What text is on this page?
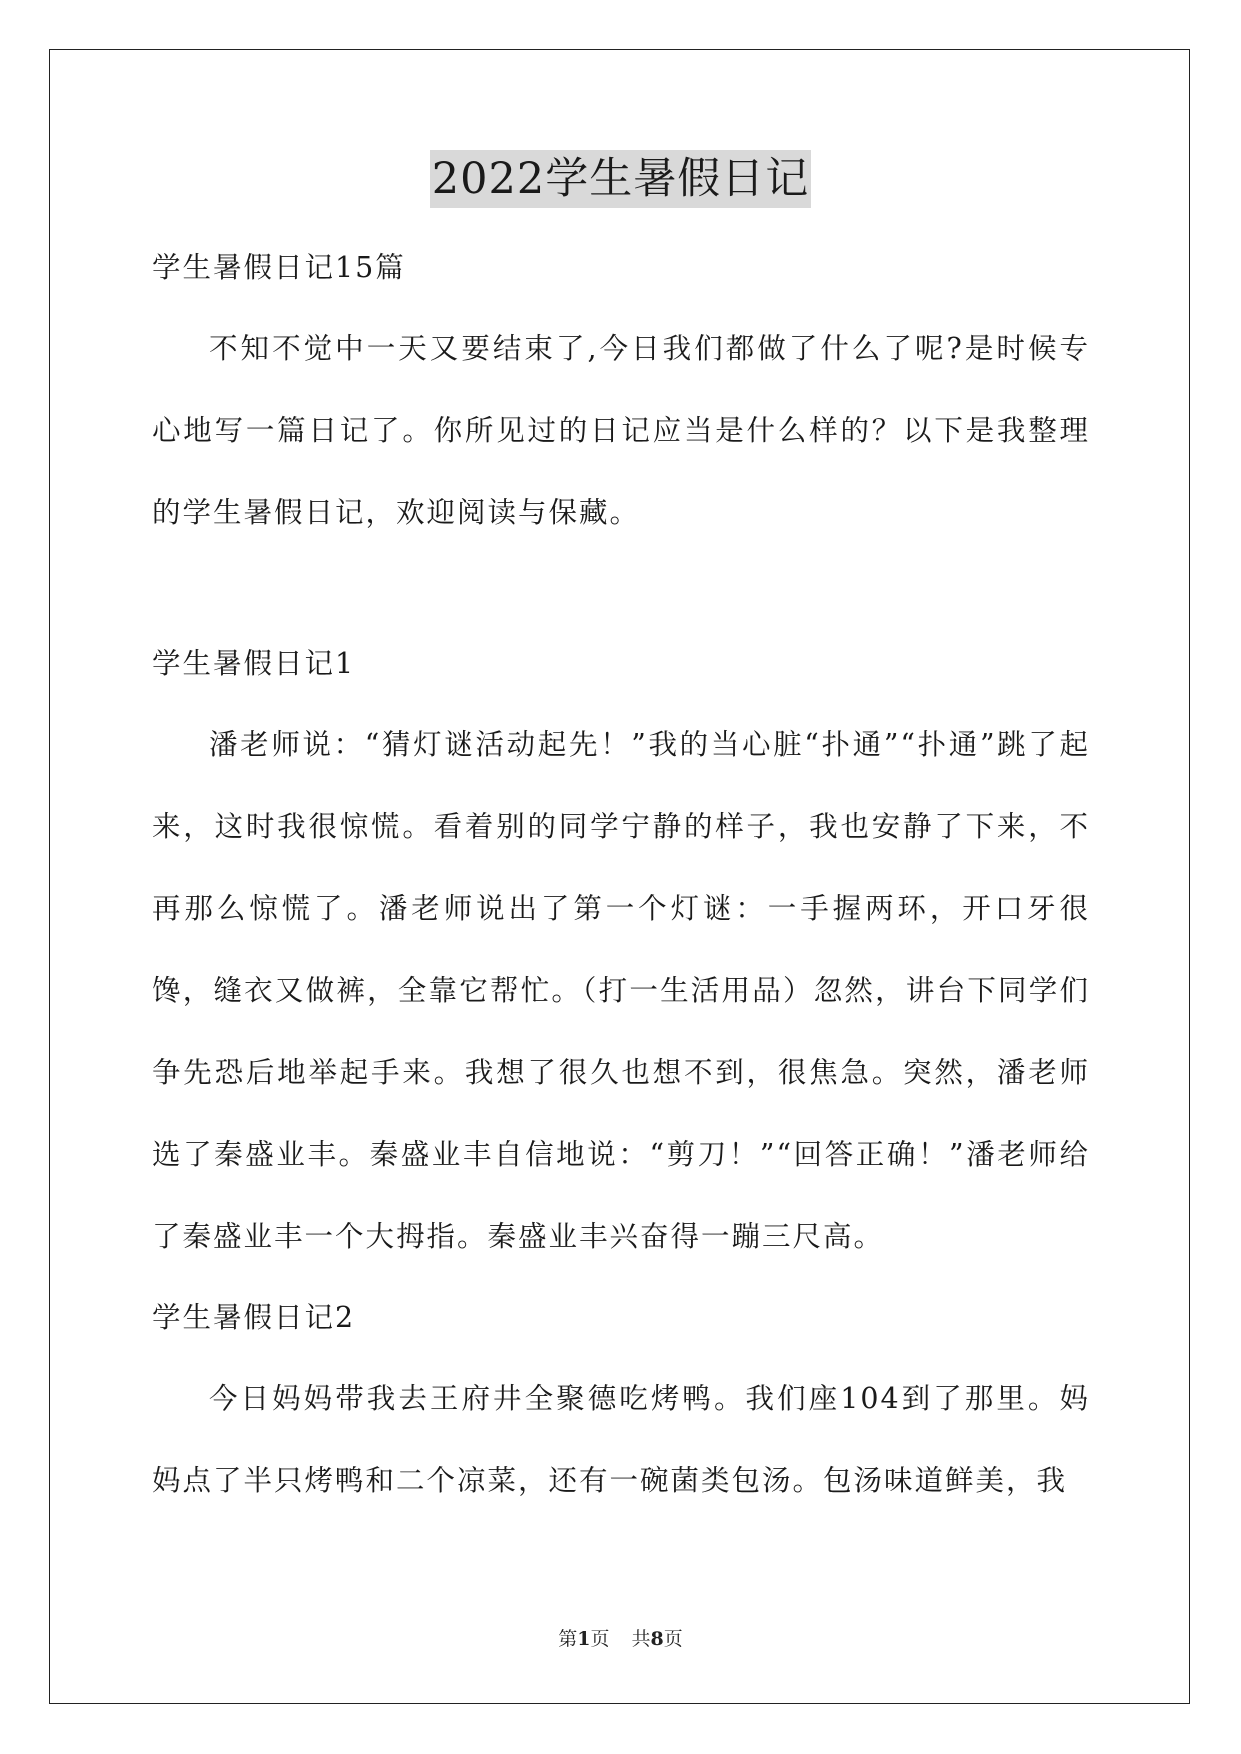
2022学生暑假日记
学生暑假日记15篇

不知不觉中一天又要结束了,今日我们都做了什么了呢?是时候专心地写一篇日记了。你所见过的日记应当是什么样的？以下是我整理的学生暑假日记，欢迎阅读与保藏。

学生暑假日记1

潘老师说：“猜灯谜活动起先！”我的当心脏“扑通”“扑通”跳了起来，这时我很惊慌。看着别的同学宁静的样子，我也安静了下来，不再那么惊慌了。潘老师说出了第一个灯谜：一手握两环，开口牙很馋，缝衣又做裤，全靠它帮忙。（打一生活用品）忽然，讲台下同学们争先恐后地举起手来。我想了很久也想不到，很焦急。突然，潘老师选了秦盛业丰。秦盛业丰自信地说：“剪刀！”“回答正确！”潘老师给了秦盛业丰一个大拇指。秦盛业丰兴奋得一蹦三尺高。

学生暑假日记2

今日妈妈带我去王府井全聚德吃烤鸭。我们座104到了那里。妈妈点了半只烤鸭和二个凉菜，还有一碗菌类包汤。包汤味道鲜美，我

第1页 共8页
